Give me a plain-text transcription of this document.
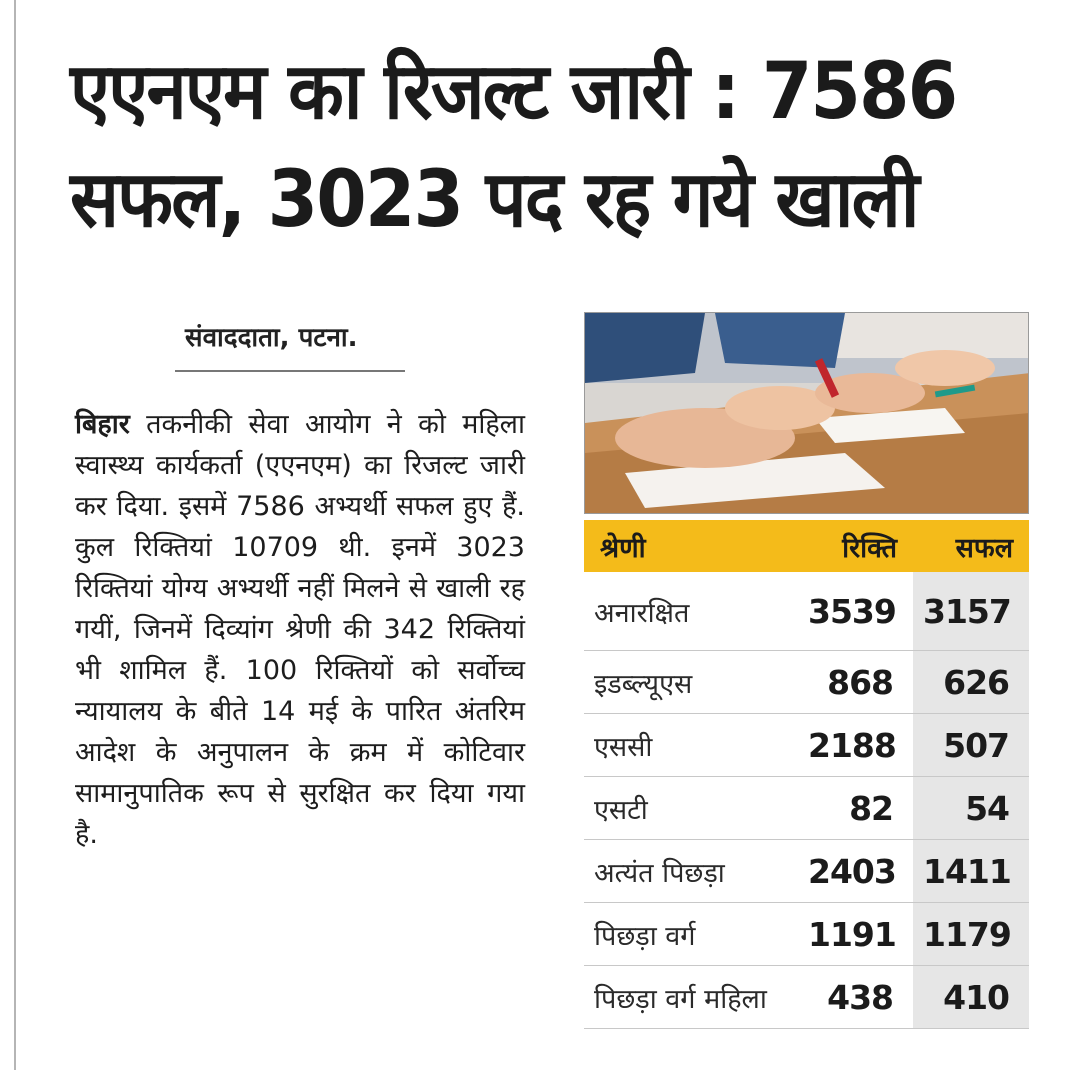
एएनएम का रिजल्ट जारी : 7586 सफल, 3023 पद रह गये खाली
संवाददाता, पटना.

बिहार तकनीकी सेवा आयोग ने को महिला स्वास्थ्य कार्यकर्ता (एएनएम) का रिजल्ट जारी कर दिया. इसमें 7586 अभ्यर्थी सफल हुए हैं. कुल रिक्तियां 10709 थी. इनमें 3023 रिक्तियां योग्य अभ्यर्थी नहीं मिलने से खाली रह गयीं, जिनमें दिव्यांग श्रेणी की 342 रिक्तियां भी शामिल हैं. 100 रिक्तियों को सर्वोच्च न्यायालय के बीते 14 मई के पारित अंतरिम आदेश के अनुपालन के क्रम में कोटिवार सामानुपातिक रूप से सुरक्षित कर दिया गया है.

श्रेणी	रिक्ति	सफल
अनारक्षित	3539	3157
इडब्ल्यूएस	868	626
एससी	2188	507
एसटी	82	54
अत्यंत पिछड़ा	2403	1411
पिछड़ा वर्ग	1191	1179
पिछड़ा वर्ग महिला	438	410
